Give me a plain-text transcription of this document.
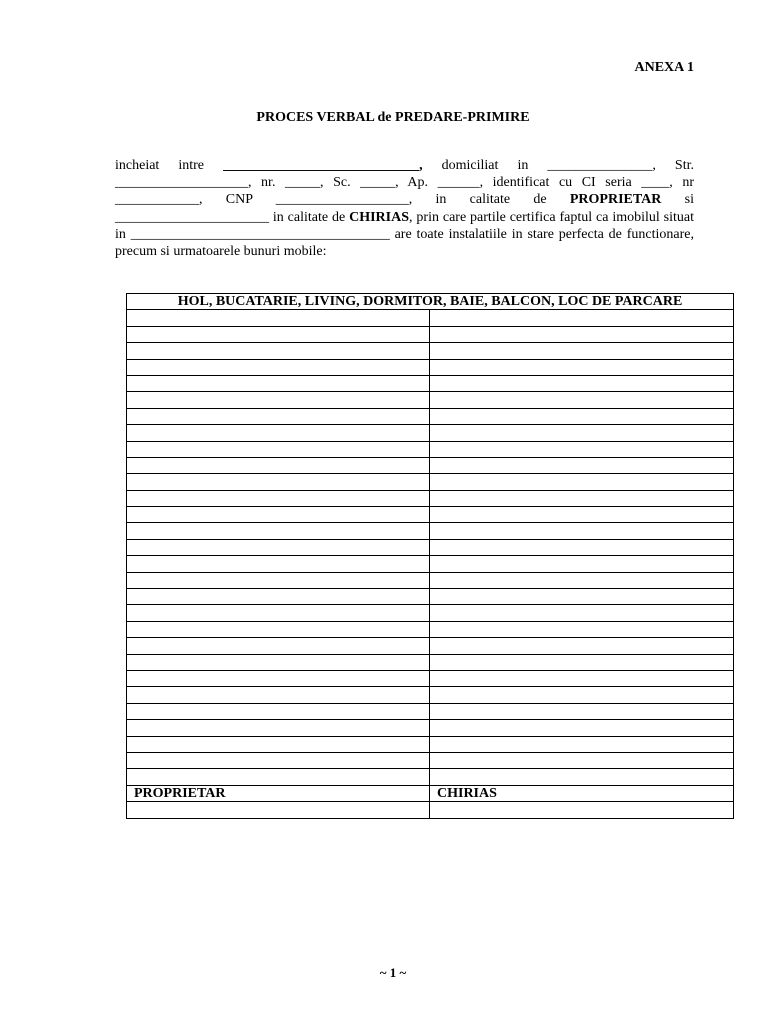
ANEXA 1
PROCES VERBAL de PREDARE-PRIMIRE
incheiat intre ____________________________, domiciliat in _______________, Str. ___________________, nr. _____, Sc. _____, Ap. ______, identificat cu CI seria ____, nr ____________, CNP ___________________, in calitate de PROPRIETAR si ______________________ in calitate de CHIRIAS, prin care partile certifica faptul ca imobilul situat in _____________________________________ are toate instalatiile in stare perfecta de functionare, precum si urmatoarele bunuri mobile:
HOL, BUCATARIE, LIVING, DORMITOR, BAIE, BALCON, LOC DE PARCARE	

PROPRIETAR	CHIRIAS

~ 1 ~
